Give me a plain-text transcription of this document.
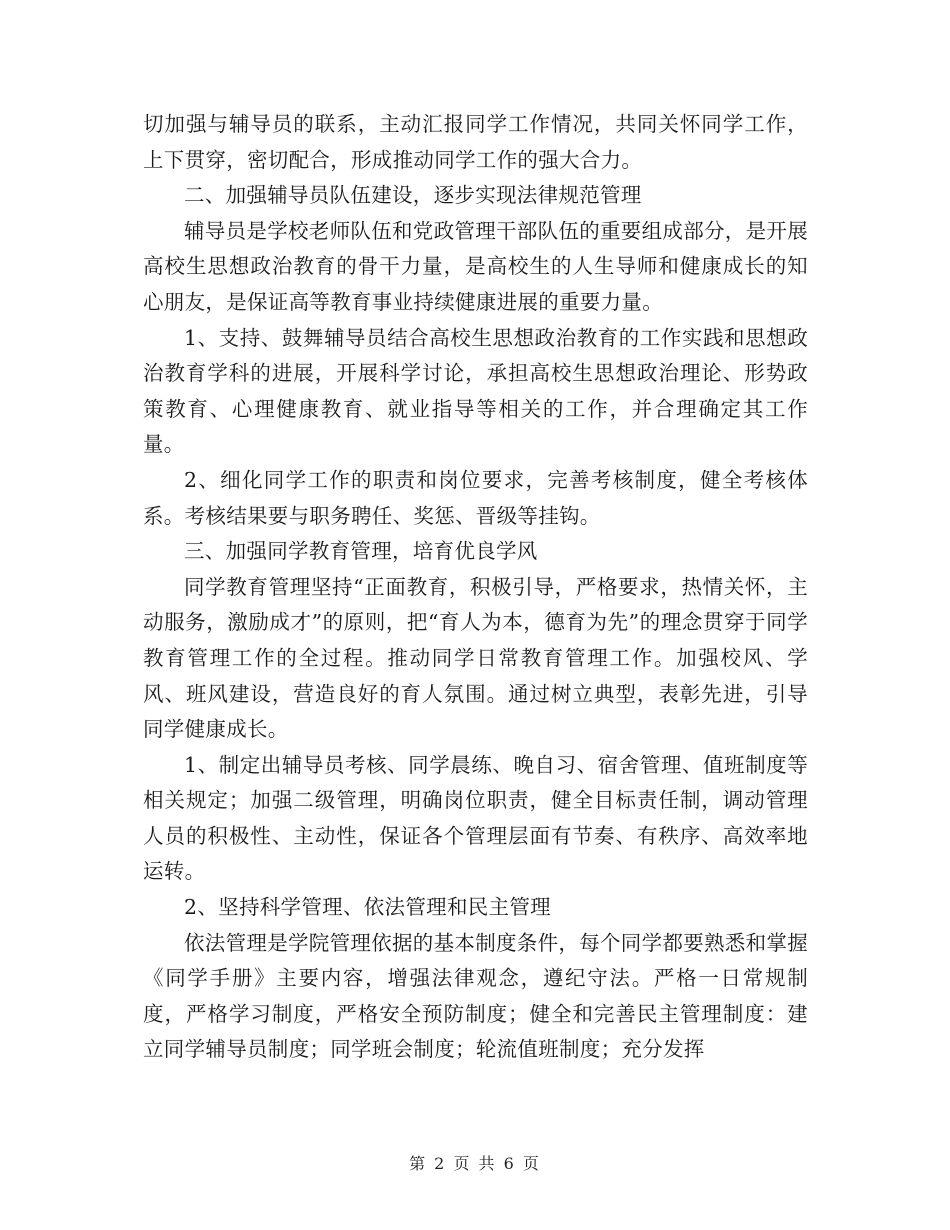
切加强与辅导员的联系，主动汇报同学工作情况，共同关怀同学工作，上下贯穿，密切配合，形成推动同学工作的强大合力。

二、加强辅导员队伍建设，逐步实现法律规范管理

辅导员是学校老师队伍和党政管理干部队伍的重要组成部分，是开展高校生思想政治教育的骨干力量，是高校生的人生导师和健康成长的知心朋友，是保证高等教育事业持续健康进展的重要力量。

1、支持、鼓舞辅导员结合高校生思想政治教育的工作实践和思想政治教育学科的进展，开展科学讨论，承担高校生思想政治理论、形势政策教育、心理健康教育、就业指导等相关的工作，并合理确定其工作量。

2、细化同学工作的职责和岗位要求，完善考核制度，健全考核体系。考核结果要与职务聘任、奖惩、晋级等挂钩。

三、加强同学教育管理，培育优良学风

同学教育管理坚持“正面教育，积极引导，严格要求，热情关怀，主动服务，激励成才”的原则，把“育人为本，德育为先”的理念贯穿于同学教育管理工作的全过程。推动同学日常教育管理工作。加强校风、学风、班风建设，营造良好的育人氛围。通过树立典型，表彰先进，引导同学健康成长。

1、制定出辅导员考核、同学晨练、晚自习、宿舍管理、值班制度等相关规定；加强二级管理，明确岗位职责，健全目标责任制，调动管理人员的积极性、主动性，保证各个管理层面有节奏、有秩序、高效率地运转。

2、坚持科学管理、依法管理和民主管理

依法管理是学院管理依据的基本制度条件，每个同学都要熟悉和掌握《同学手册》主要内容，增强法律观念，遵纪守法。严格一日常规制度，严格学习制度，严格安全预防制度；健全和完善民主管理制度：建立同学辅导员制度；同学班会制度；轮流值班制度；充分发挥

第 2 页 共 6 页
